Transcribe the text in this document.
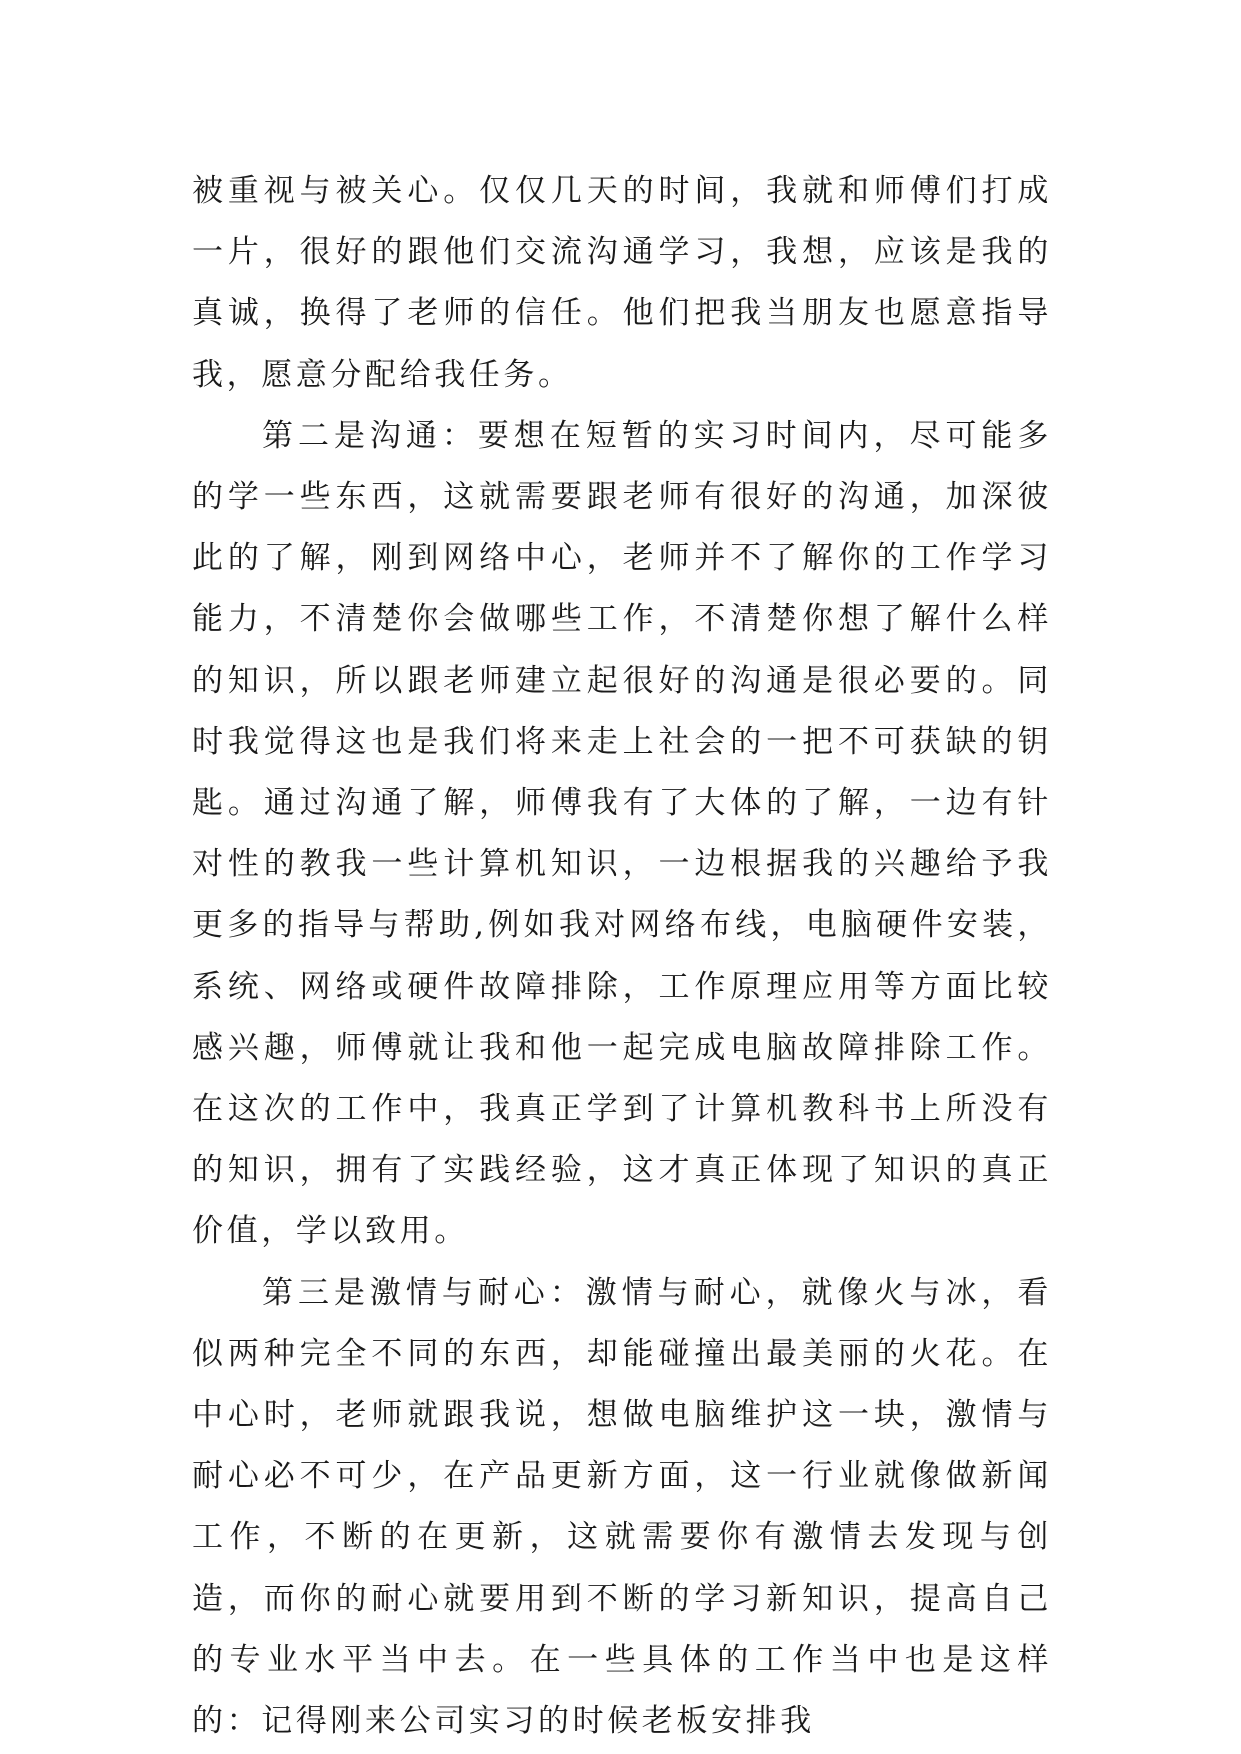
被重视与被关心。仅仅几天的时间，我就和师傅们打成一片，很好的跟他们交流沟通学习，我想，应该是我的真诚，换得了老师的信任。他们把我当朋友也愿意指导我，愿意分配给我任务。

第二是沟通：要想在短暂的实习时间内，尽可能多的学一些东西，这就需要跟老师有很好的沟通，加深彼此的了解，刚到网络中心，老师并不了解你的工作学习能力，不清楚你会做哪些工作，不清楚你想了解什么样的知识，所以跟老师建立起很好的沟通是很必要的。同时我觉得这也是我们将来走上社会的一把不可获缺的钥匙。通过沟通了解，师傅我有了大体的了解，一边有针对性的教我一些计算机知识，一边根据我的兴趣给予我更多的指导与帮助,例如我对网络布线，电脑硬件安装，系统、网络或硬件故障排除，工作原理应用等方面比较感兴趣，师傅就让我和他一起完成电脑故障排除工作。在这次的工作中，我真正学到了计算机教科书上所没有的知识，拥有了实践经验，这才真正体现了知识的真正价值，学以致用。

第三是激情与耐心：激情与耐心，就像火与冰，看似两种完全不同的东西，却能碰撞出最美丽的火花。在中心时，老师就跟我说，想做电脑维护这一块，激情与耐心必不可少，在产品更新方面，这一行业就像做新闻工作，不断的在更新，这就需要你有激情去发现与创造，而你的耐心就要用到不断的学习新知识，提高自己的专业水平当中去。在一些具体的工作当中也是这样的：记得刚来公司实习的时候老板安排我
